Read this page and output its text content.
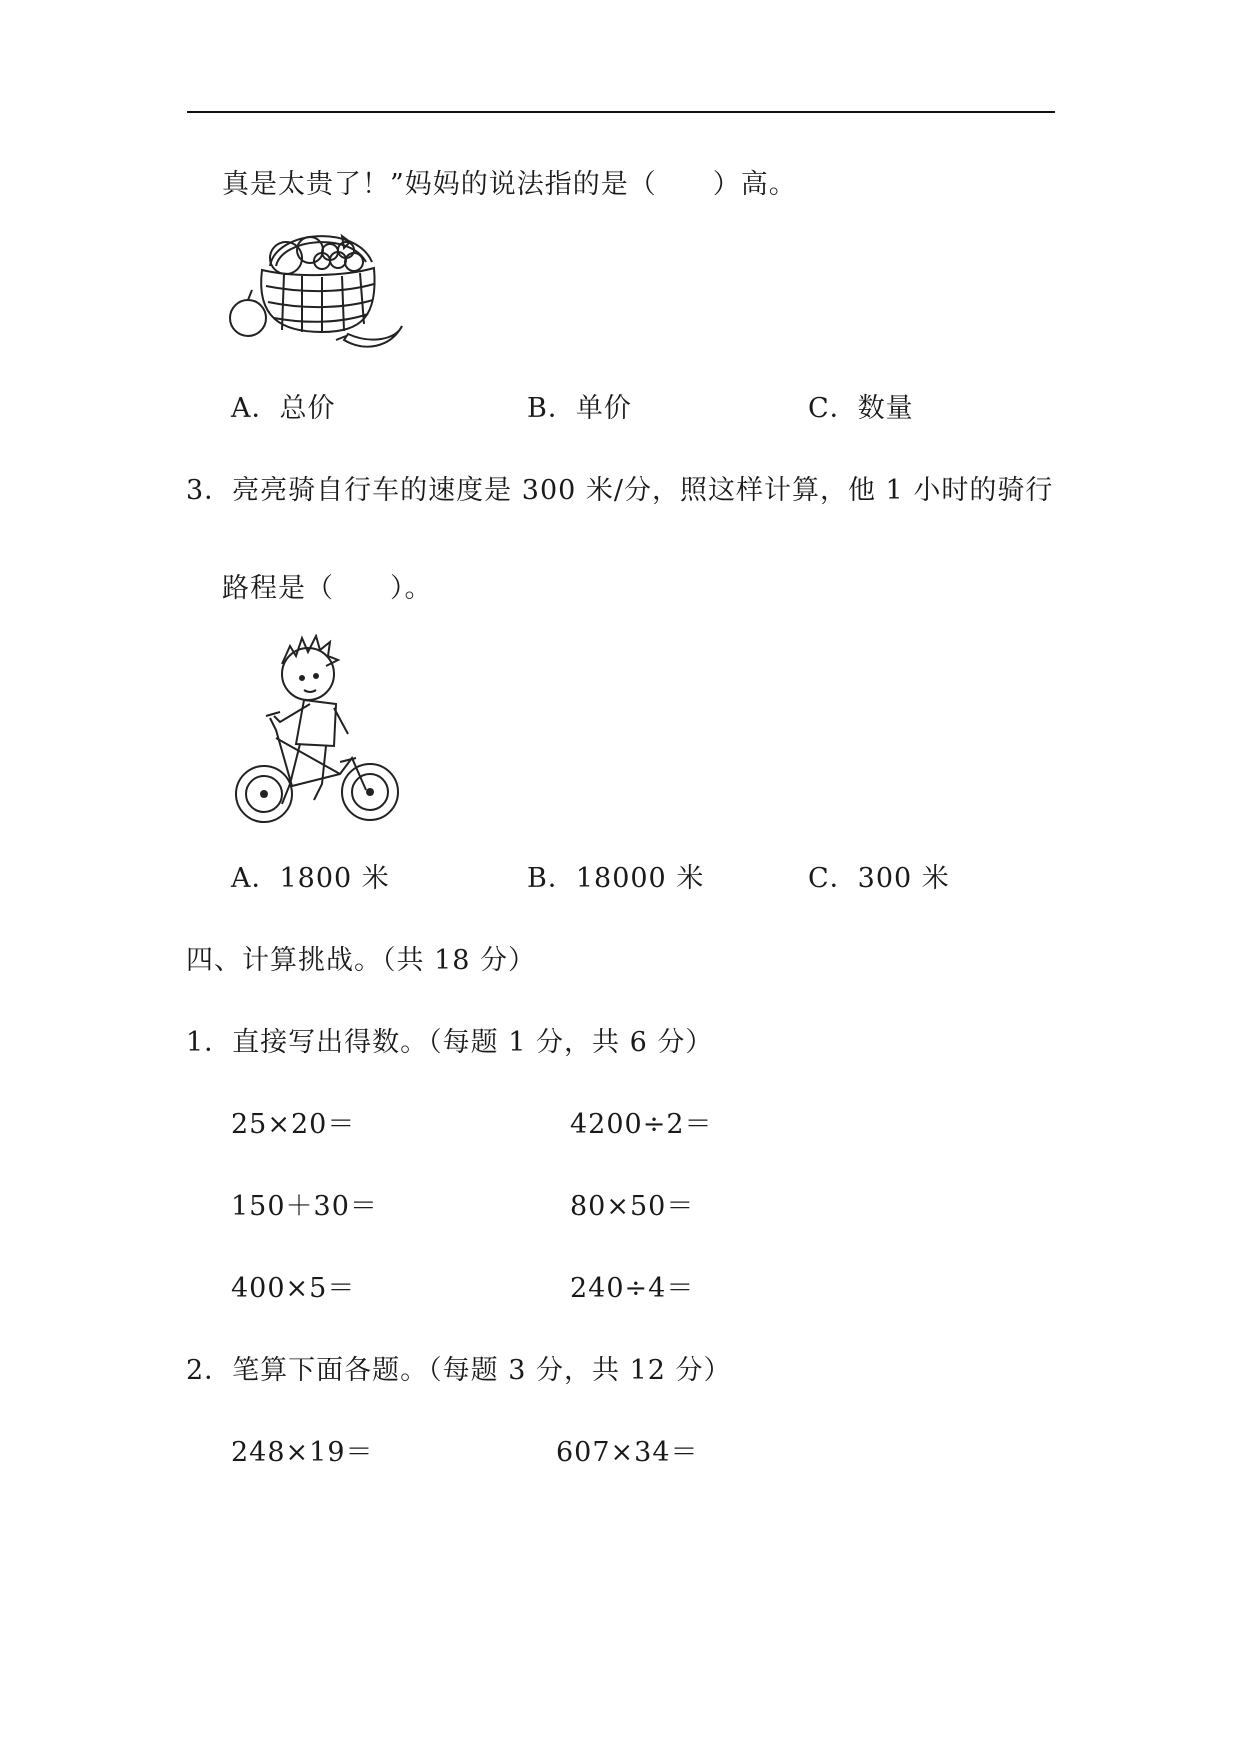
真是太贵了！”妈妈的说法指的是（　　）高。
A．总价	B．单价	C．数量
3．亮亮骑自行车的速度是 300 米/分，照这样计算，他 1 小时的骑行
路程是（　　）。
A．1800 米	B．18000 米	C．300 米
四、计算挑战。（共 18 分）
1．直接写出得数。（每题 1 分，共 6 分）
25×20＝	4200÷2＝
150＋30＝	80×50＝
400×5＝	240÷4＝
2．笔算下面各题。（每题 3 分，共 12 分）
248×19＝	607×34＝
